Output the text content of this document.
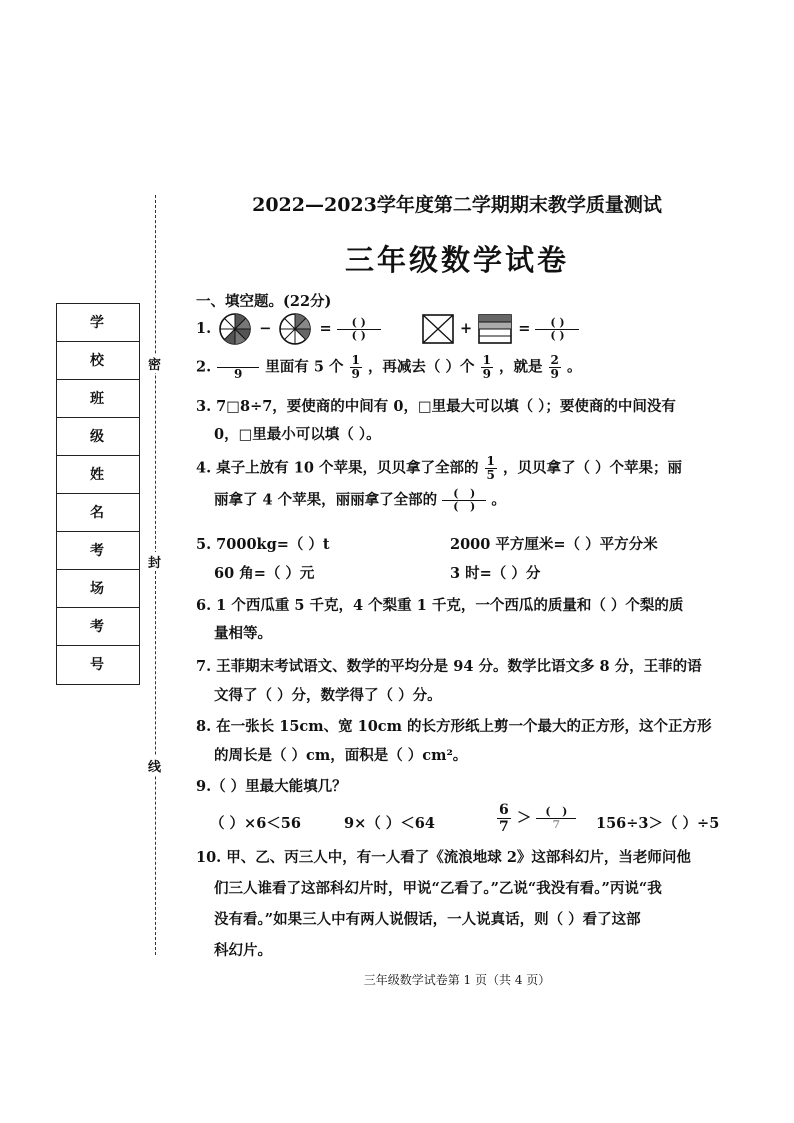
2022—2023学年度第二学期期末教学质量测试
三年级数学试卷
学 校
班 级
姓 名
考 场
考 号
密
封
线
一、填空题。(22分)
1.	−	=	( )
( )	+	=	( )
( )
2.
	9	里面有 5 个 $\frac{1}{9}$ ，再减去（ ）个 $\frac{1}{9}$ ，就是 $\frac{2}{9}$ 。
3. 7□8÷7，要使商的中间有 0，□里最大可以填（ ）；要使商的中间没有
0，□里最小可以填（ ）。
4. 桌子上放有 10 个苹果，贝贝拿了全部的 $\frac{1}{5}$ ，贝贝拿了（ ）个苹果；丽
丽拿了 4 个苹果，丽丽拿了全部的	(   )
(   ) 。
5. 7000kg=（ ）t	2000 平方厘米=（ ）平方分米
60 角=（ ）元	3 时=（ ）分
6. 1 个西瓜重 5 千克，4 个梨重 1 千克，一个西瓜的质量和（ ）个梨的质
量相等。
7. 王菲期末考试语文、数学的平均分是 94 分。数学比语文多 8 分，王菲的语
文得了（ ）分，数学得了（ ）分。
8. 在一张长 15cm、宽 10cm 的长方形纸上剪一个最大的正方形，这个正方形
的周长是（ ）cm，面积是（ ）cm²。
9.（ ）里最大能填几？
（ ）×6＜56	9×（ ）＜64	$\frac{6}{7}$ ＞	(   )
7	156÷3＞（ ）÷5
10. 甲、乙、丙三人中，有一人看了《流浪地球 2》这部科幻片，当老师问他
们三人谁看了这部科幻片时，甲说“乙看了。”乙说“我没有看。”丙说“我
没有看。”如果三人中有两人说假话，一人说真话，则（ ）看了这部
科幻片。
三年级数学试卷第 1 页（共 4 页）
